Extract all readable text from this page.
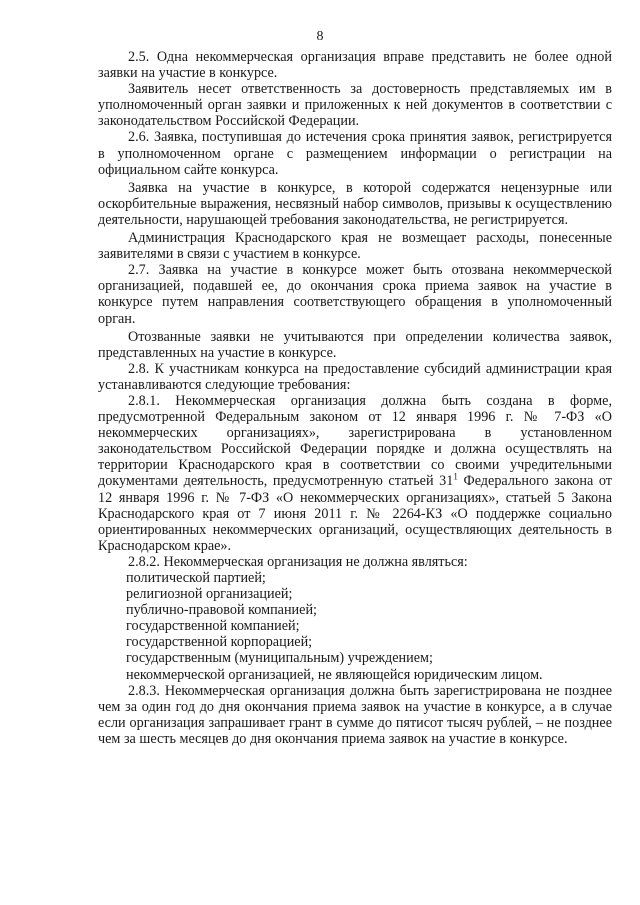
8

2.5. Одна некоммерческая организация вправе представить не более одной заявки на участие в конкурсе.

Заявитель несет ответственность за достоверность представляемых им в уполномоченный орган заявки и приложенных к ней документов в соответствии с законодательством Российской Федерации.

2.6. Заявка, поступившая до истечения срока принятия заявок, регистрируется в уполномоченном органе с размещением информации о регистрации на официальном сайте конкурса.

Заявка на участие в конкурсе, в которой содержатся нецензурные или оскорбительные выражения, несвязный набор символов, призывы к осуществлению деятельности, нарушающей требования законодательства, не регистрируется.

Администрация Краснодарского края не возмещает расходы, понесенные заявителями в связи с участием в конкурсе.

2.7. Заявка на участие в конкурсе может быть отозвана некоммерческой организацией, подавшей ее, до окончания срока приема заявок на участие в конкурсе путем направления соответствующего обращения в уполномоченный орган.

Отозванные заявки не учитываются при определении количества заявок, представленных на участие в конкурсе.

2.8. К участникам конкурса на предоставление субсидий администрации края устанавливаются следующие требования:

2.8.1. Некоммерческая организация должна быть создана в форме, предусмотренной Федеральным законом от 12 января 1996 г. № 7-ФЗ «О некоммерческих организациях», зарегистрирована в установленном законодательством Российской Федерации порядке и должна осуществлять на территории Краснодарского края в соответствии со своими учредительными документами деятельность, предусмотренную статьей $31^1$ Федерального закона от 12 января 1996 г. № 7-ФЗ «О некоммерческих организациях», статьей 5 Закона Краснодарского края от 7 июня 2011 г. № 2264-КЗ «О поддержке социально ориентированных некоммерческих организаций, осуществляющих деятельность в Краснодарском крае».

2.8.2. Некоммерческая организация не должна являться:

политической партией;
религиозной организацией;
публично-правовой компанией;
государственной компанией;
государственной корпорацией;
государственным (муниципальным) учреждением;
некоммерческой организацией, не являющейся юридическим лицом.

2.8.3. Некоммерческая организация должна быть зарегистрирована не позднее чем за один год до дня окончания приема заявок на участие в конкурсе, а в случае если организация запрашивает грант в сумме до пятисот тысяч рублей, – не позднее чем за шесть месяцев до дня окончания приема заявок на участие в конкурсе.
